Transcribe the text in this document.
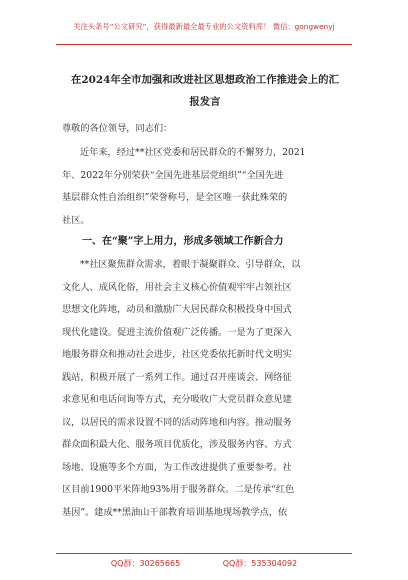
关注头条号“公文研究”，获得最新最全最专业的公文资料库！ 微信：gongwenyj
在2024年全市加强和改进社区思想政治工作推进会上的汇
报发言
尊敬的各位领导，同志们：
近年来，经过**社区党委和居民群众的不懈努力，2021
年、2022年分别荣获“全国先进基层党组织”“全国先进
基层群众性自治组织”荣誉称号，是全区唯一获此殊荣的
社区。
一、在“聚”字上用力，形成多领域工作新合力
**社区聚焦群众需求，着眼于凝聚群众、引导群众，以
文化人、成风化俗，用社会主义核心价值观牢牢占领社区
思想文化阵地，动员和激励广大居民群众积极投身中国式
现代化建设。促进主流价值观广泛传播。一是为了更深入
地服务群众和推动社会进步，社区党委依托新时代文明实
践站，积极开展了一系列工作。通过召开座谈会、网络征
求意见和电话问询等方式，充分吸收广大党员群众意见建
议，以居民的需求设置不同的活动阵地和内容。推动服务
群众面积最大化、服务项目优质化，涉及服务内容、方式
场地、设施等多个方面，为工作改进提供了重要参考。社
区目前1900平米阵地93%用于服务群众。二是传承“红色
基因”。建成**黑油山干部教育培训基地现场教学点，依
QQ群：30265665	QQ群：535304092
